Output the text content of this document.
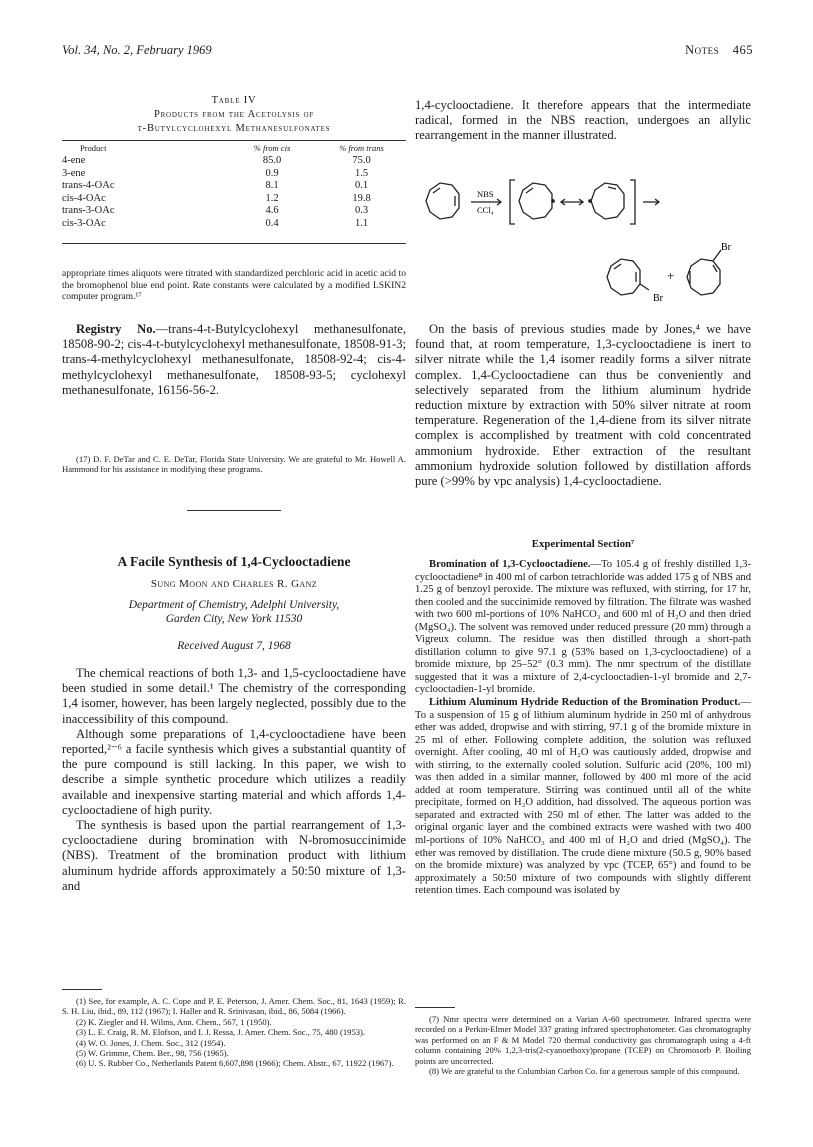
Vol. 34, No. 2, February 1969	Notes 465
Table IV
Products from the Acetolysis of
t-Butylcyclohexyl Methanesulfonates
Product	% from cis	% from trans
4-ene	85.0	75.0
3-ene	0.9	1.5
trans-4-OAc	8.1	0.1
cis-4-OAc	1.2	19.8
trans-3-OAc	4.6	0.3
cis-3-OAc	0.4	1.1
appropriate times aliquots were titrated with standardized perchloric acid in acetic acid to the bromophenol blue end point. Rate constants were calculated by a modified LSKIN2 computer program.¹⁷
Registry No.—trans-4-t-Butylcyclohexyl methanesulfonate, 18508-90-2; cis-4-t-butylcyclohexyl methanesulfonate, 18508-91-3; trans-4-methylcyclohexyl methanesulfonate, 18508-92-4; cis-4-methylcyclohexyl methanesulfonate, 18508-93-5; cyclohexyl methanesulfonate, 16156-56-2.

(17) D. F. DeTar and C. E. DeTar, Florida State University. We are grateful to Mr. Howell A. Hammond for his assistance in modifying these programs.

A Facile Synthesis of 1,4-Cyclooctadiene
Sung Moon and Charles R. Ganz
Department of Chemistry, Adelphi University,
Garden City, New York 11530
Received August 7, 1968

The chemical reactions of both 1,3- and 1,5-cyclooctadiene have been studied in some detail.¹ The chemistry of the corresponding 1,4 isomer, however, has been largely neglected, possibly due to the inaccessibility of this compound.

Although some preparations of 1,4-cyclooctadiene have been reported,²⁻⁶ a facile synthesis which gives a substantial quantity of the pure compound is still lacking. In this paper, we wish to describe a simple synthetic procedure which utilizes a readily available and inexpensive starting material and which affords 1,4-cyclooctadiene of high purity.

The synthesis is based upon the partial rearrangement of 1,3-cyclooctadiene during bromination with N-bromosuccinimide (NBS). Treatment of the bromination product with lithium aluminum hydride affords approximately a 50:50 mixture of 1,3- and

(1) See, for example, A. C. Cope and P. E. Peterson, J. Amer. Chem. Soc., 81, 1643 (1959); R. S. H. Liu, ibid., 89, 112 (1967); I. Haller and R. Srinivasan, ibid., 86, 5084 (1966).

(2) K. Ziegler and H. Wilms, Ann. Chem., 567, 1 (1950).

(3) L. E. Craig, R. M. Elofson, and I. J. Ressa, J. Amer. Chem. Soc., 75, 480 (1953).

(4) W. O. Jones, J. Chem. Soc., 312 (1954).

(5) W. Grimme, Chem. Ber., 98, 756 (1965).

(6) U. S. Rubber Co., Netherlands Patent 6,607,898 (1966); Chem. Abstr., 67, 11922 (1967).

1,4-cyclooctadiene. It therefore appears that the intermediate radical, formed in the NBS reaction, undergoes an allylic rearrangement in the manner illustrated.
NBS
CCl₄
Br
Br
+

On the basis of previous studies made by Jones,⁴ we have found that, at room temperature, 1,3-cyclooctadiene is inert to silver nitrate while the 1,4 isomer readily forms a silver nitrate complex. 1,4-Cyclooctadiene can thus be conveniently and selectively separated from the lithium aluminum hydride reduction mixture by extraction with 50% silver nitrate at room temperature. Regeneration of the 1,4-diene from its silver nitrate complex is accomplished by treatment with cold concentrated ammonium hydroxide. Ether extraction of the resultant ammonium hydroxide solution followed by distillation affords pure (>99% by vpc analysis) 1,4-cyclooctadiene.

Experimental Section⁷

Bromination of 1,3-Cyclooctadiene.—To 105.4 g of freshly distilled 1,3-cyclooctadiene⁸ in 400 ml of carbon tetrachloride was added 175 g of NBS and 1.25 g of benzoyl peroxide. The mixture was refluxed, with stirring, for 17 hr, then cooled and the succinimide removed by filtration. The filtrate was washed with two 600 ml-portions of 10% NaHCO₃ and 600 ml of H₂O and then dried (MgSO₄). The solvent was removed under reduced pressure (20 mm) through a Vigreux column. The residue was then distilled through a short-path distillation column to give 97.1 g (53% based on 1,3-cyclooctadiene) of a bromide mixture, bp 25–52° (0.3 mm). The nmr spectrum of the distillate suggested that it was a mixture of 2,4-cyclooctadien-1-yl bromide and 2,7-cyclooctadien-1-yl bromide.

Lithium Aluminum Hydride Reduction of the Bromination Product.—To a suspension of 15 g of lithium aluminum hydride in 250 ml of anhydrous ether was added, dropwise and with stirring, 97.1 g of the bromide mixture in 25 ml of ether. Following complete addition, the solution was refluxed overnight. After cooling, 40 ml of H₂O was cautiously added, dropwise and with stirring, to the externally cooled solution. Sulfuric acid (20%, 100 ml) was then added in a similar manner, followed by 400 ml more of the acid added at room temperature. Stirring was continued until all of the white precipitate, formed on H₂O addition, had dissolved. The aqueous portion was separated and extracted with 250 ml of ether. The latter was added to the original organic layer and the combined extracts were washed with two 400 ml-portions of 10% NaHCO₃ and 400 ml of H₂O and dried (MgSO₄). The ether was removed by distillation. The crude diene mixture (50.5 g, 90% based on the bromide mixture) was analyzed by vpc (TCEP, 65°) and found to be approximately a 50:50 mixture of two compounds with slightly different retention times. Each compound was isolated by

(7) Nmr spectra were determined on a Varian A-60 spectrometer. Infrared spectra were recorded on a Perkin-Elmer Model 337 grating infrared spectrophotometer. Gas chromatography was performed on an F & M Model 720 thermal conductivity gas chromatograph using a 4-ft column containing 20% 1,2,3-tris(2-cyanoethoxy)propane (TCEP) on Chromosorb P. Boiling points are uncorrected.

(8) We are grateful to the Columbian Carbon Co. for a generous sample of this compound.
